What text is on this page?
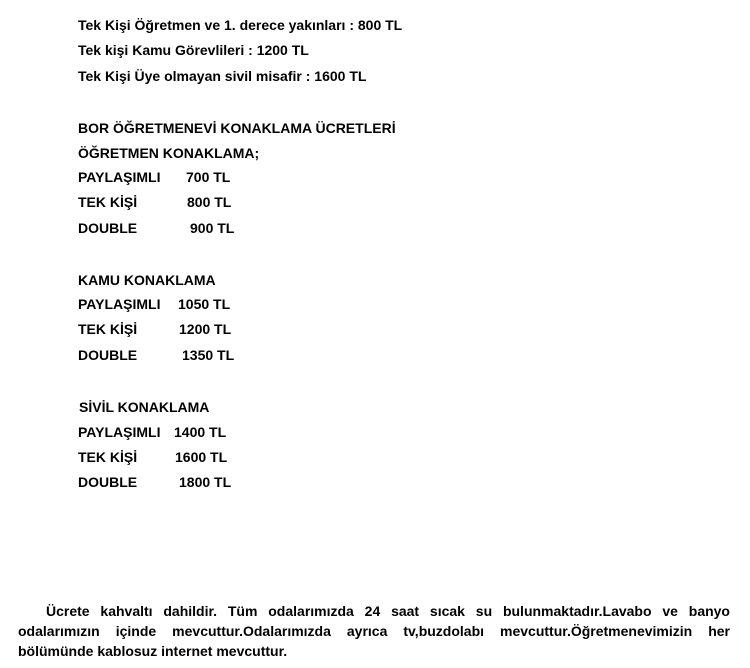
Tek Kişi Öğretmen ve 1. derece yakınları : 800 TL
Tek kişi Kamu Görevlileri : 1200 TL
Tek Kişi Üye olmayan sivil misafir : 1600 TL
BOR ÖĞRETMENEVİ KONAKLAMA ÜCRETLERİ
ÖĞRETMEN KONAKLAMA;
PAYLAŞIMLI 700 TL
TEK KİŞİ	800 TL
DOUBLE	900 TL
KAMU KONAKLAMA
PAYLAŞIMLI 1050 TL
TEK KİŞİ	1200 TL
DOUBLE	1350 TL
SİVİL KONAKLAMA
PAYLAŞIMLI 1400 TL
TEK KİŞİ	1600 TL
DOUBLE	1800 TL
Ücrete kahvaltı dahildir. Tüm odalarımızda 24 saat sıcak su bulunmaktadır.Lavabo ve banyo odalarımızın içinde mevcuttur.Odalarımızda ayrıca tv,buzdolabı mevcuttur.Öğretmenevimizin her bölümünde kablosuz internet mevcuttur.
